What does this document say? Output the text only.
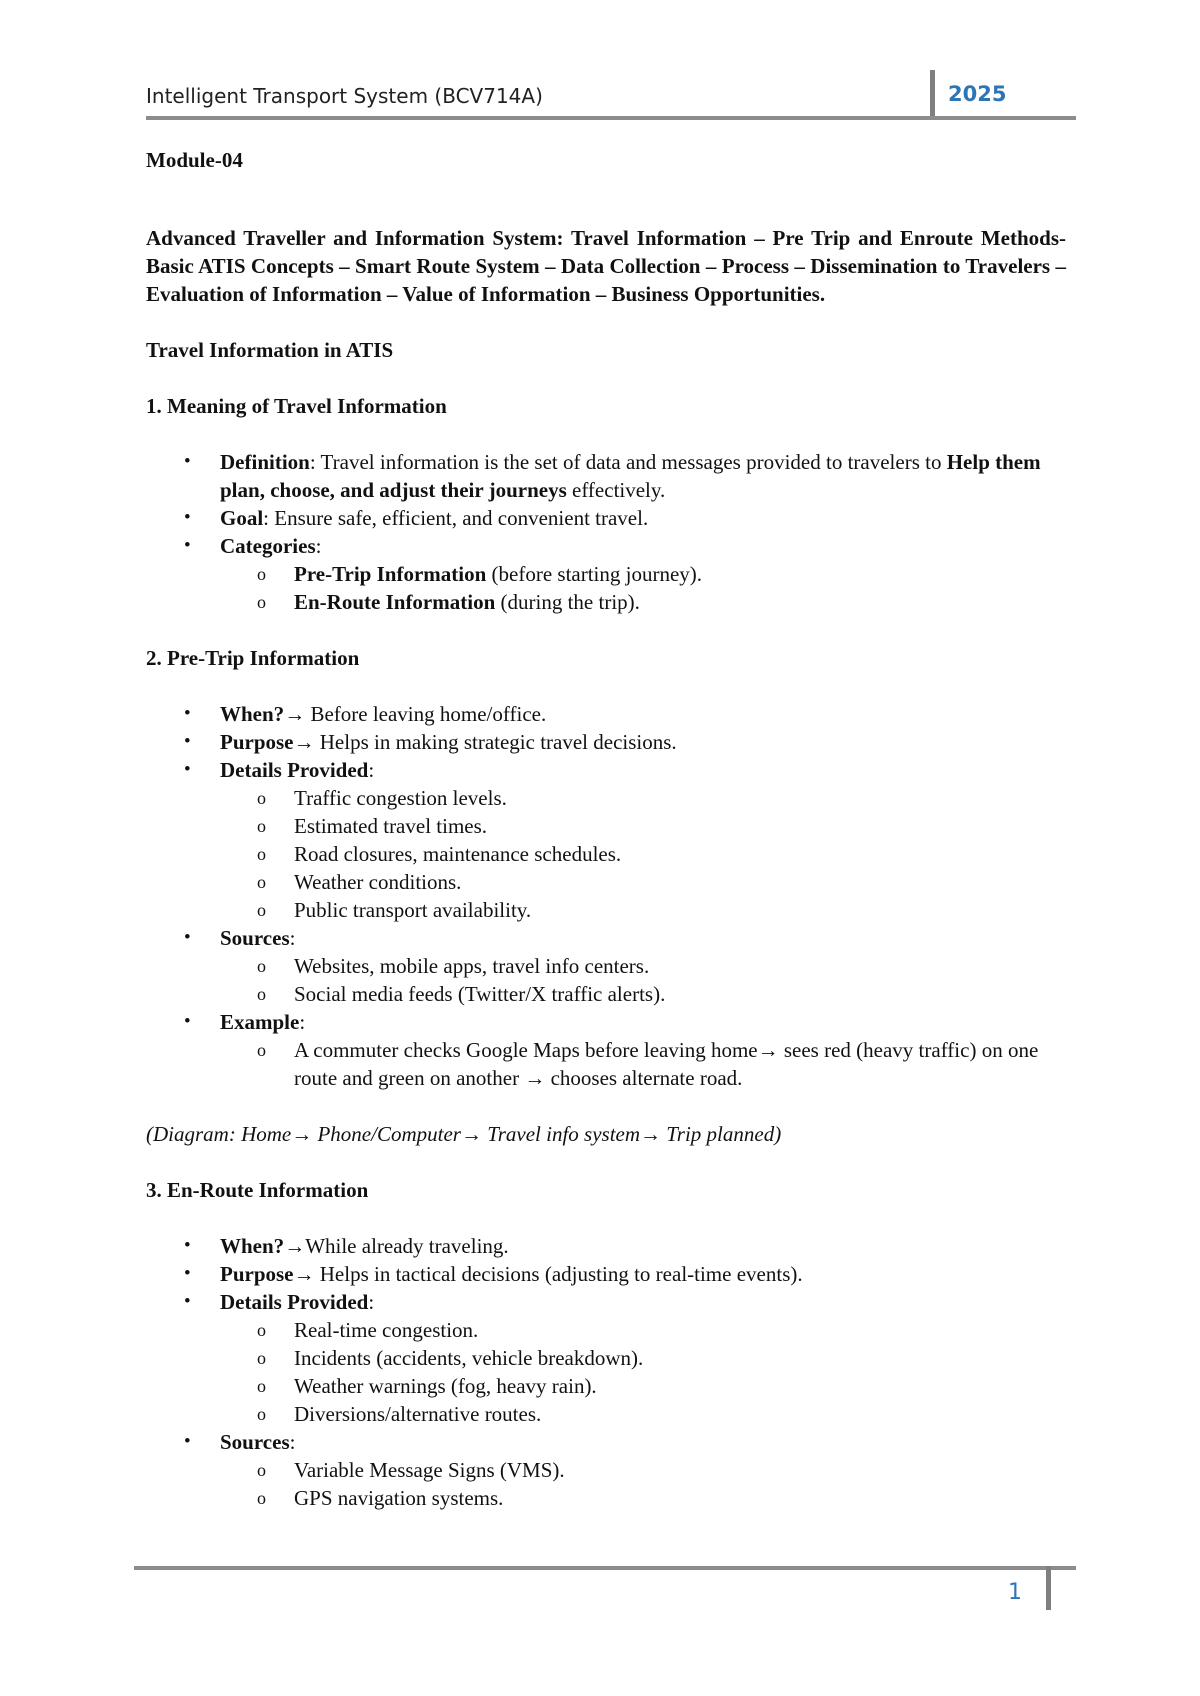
Intelligent Transport System (BCV714A)	2025

Module-04

Advanced Traveller and Information System: Travel Information – Pre Trip and Enroute Methods- Basic ATIS Concepts – Smart Route System – Data Collection – Process – Dissemination to Travelers – Evaluation of Information – Value of Information – Business Opportunities.

Travel Information in ATIS

1. Meaning of Travel Information

• Definition: Travel information is the set of data and messages provided to travelers to Help them plan, choose, and adjust their journeys effectively.
• Goal: Ensure safe, efficient, and convenient travel.
• Categories:
o Pre-Trip Information (before starting journey).
o En-Route Information (during the trip).

2. Pre-Trip Information

• When?→ Before leaving home/office.
• Purpose→ Helps in making strategic travel decisions.
• Details Provided:
o Traffic congestion levels.
o Estimated travel times.
o Road closures, maintenance schedules.
o Weather conditions.
o Public transport availability.
• Sources:
o Websites, mobile apps, travel info centers.
o Social media feeds (Twitter/X traffic alerts).
• Example:
o A commuter checks Google Maps before leaving home→ sees red (heavy traffic) on one route and green on another → chooses alternate road.

(Diagram: Home→ Phone/Computer→ Travel info system→ Trip planned)

3. En-Route Information

• When?→While already traveling.
• Purpose→ Helps in tactical decisions (adjusting to real-time events).
• Details Provided:
o Real-time congestion.
o Incidents (accidents, vehicle breakdown).
o Weather warnings (fog, heavy rain).
o Diversions/alternative routes.
• Sources:
o Variable Message Signs (VMS).
o GPS navigation systems.
1
